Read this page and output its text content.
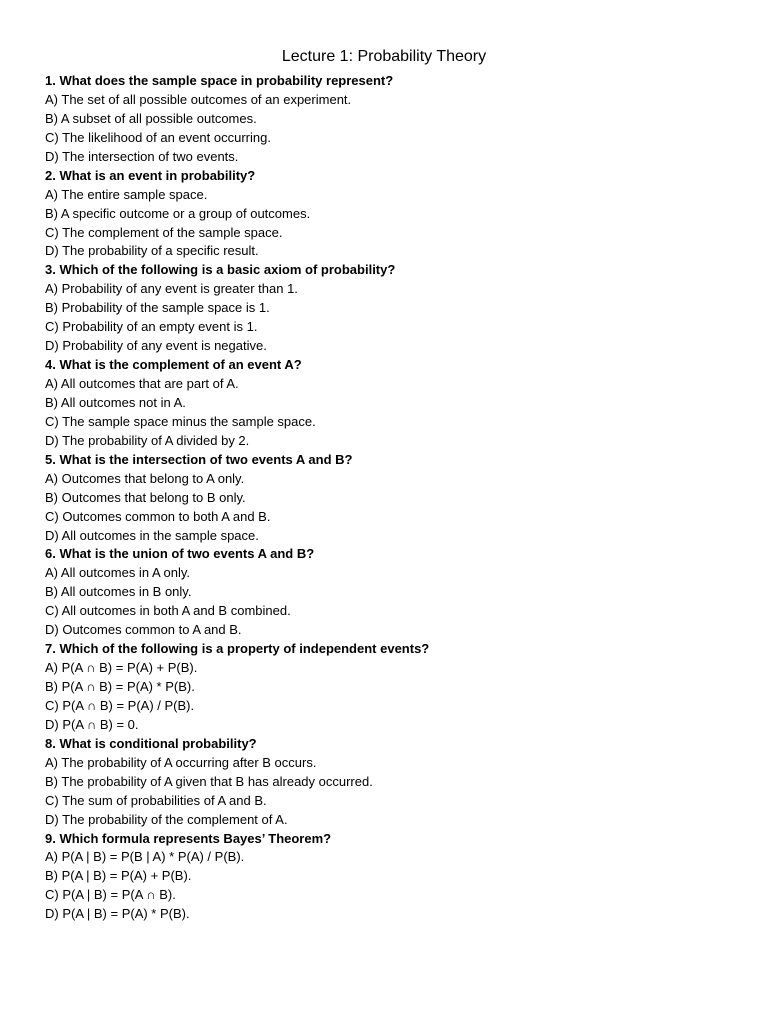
Lecture 1: Probability Theory
1. What does the sample space in probability represent?
A) The set of all possible outcomes of an experiment.
B) A subset of all possible outcomes.
C) The likelihood of an event occurring.
D) The intersection of two events.
2. What is an event in probability?
A) The entire sample space.
B) A specific outcome or a group of outcomes.
C) The complement of the sample space.
D) The probability of a specific result.
3. Which of the following is a basic axiom of probability?
A) Probability of any event is greater than 1.
B) Probability of the sample space is 1.
C) Probability of an empty event is 1.
D) Probability of any event is negative.
4. What is the complement of an event A?
A) All outcomes that are part of A.
B) All outcomes not in A.
C) The sample space minus the sample space.
D) The probability of A divided by 2.
5. What is the intersection of two events A and B?
A) Outcomes that belong to A only.
B) Outcomes that belong to B only.
C) Outcomes common to both A and B.
D) All outcomes in the sample space.
6. What is the union of two events A and B?
A) All outcomes in A only.
B) All outcomes in B only.
C) All outcomes in both A and B combined.
D) Outcomes common to A and B.
7. Which of the following is a property of independent events?
A) P(A ∩ B) = P(A) + P(B).
B) P(A ∩ B) = P(A) * P(B).
C) P(A ∩ B) = P(A) / P(B).
D) P(A ∩ B) = 0.
8. What is conditional probability?
A) The probability of A occurring after B occurs.
B) The probability of A given that B has already occurred.
C) The sum of probabilities of A and B.
D) The probability of the complement of A.
9. Which formula represents Bayes’ Theorem?
A) P(A | B) = P(B | A) * P(A) / P(B).
B) P(A | B) = P(A) + P(B).
C) P(A | B) = P(A ∩ B).
D) P(A | B) = P(A) * P(B).
